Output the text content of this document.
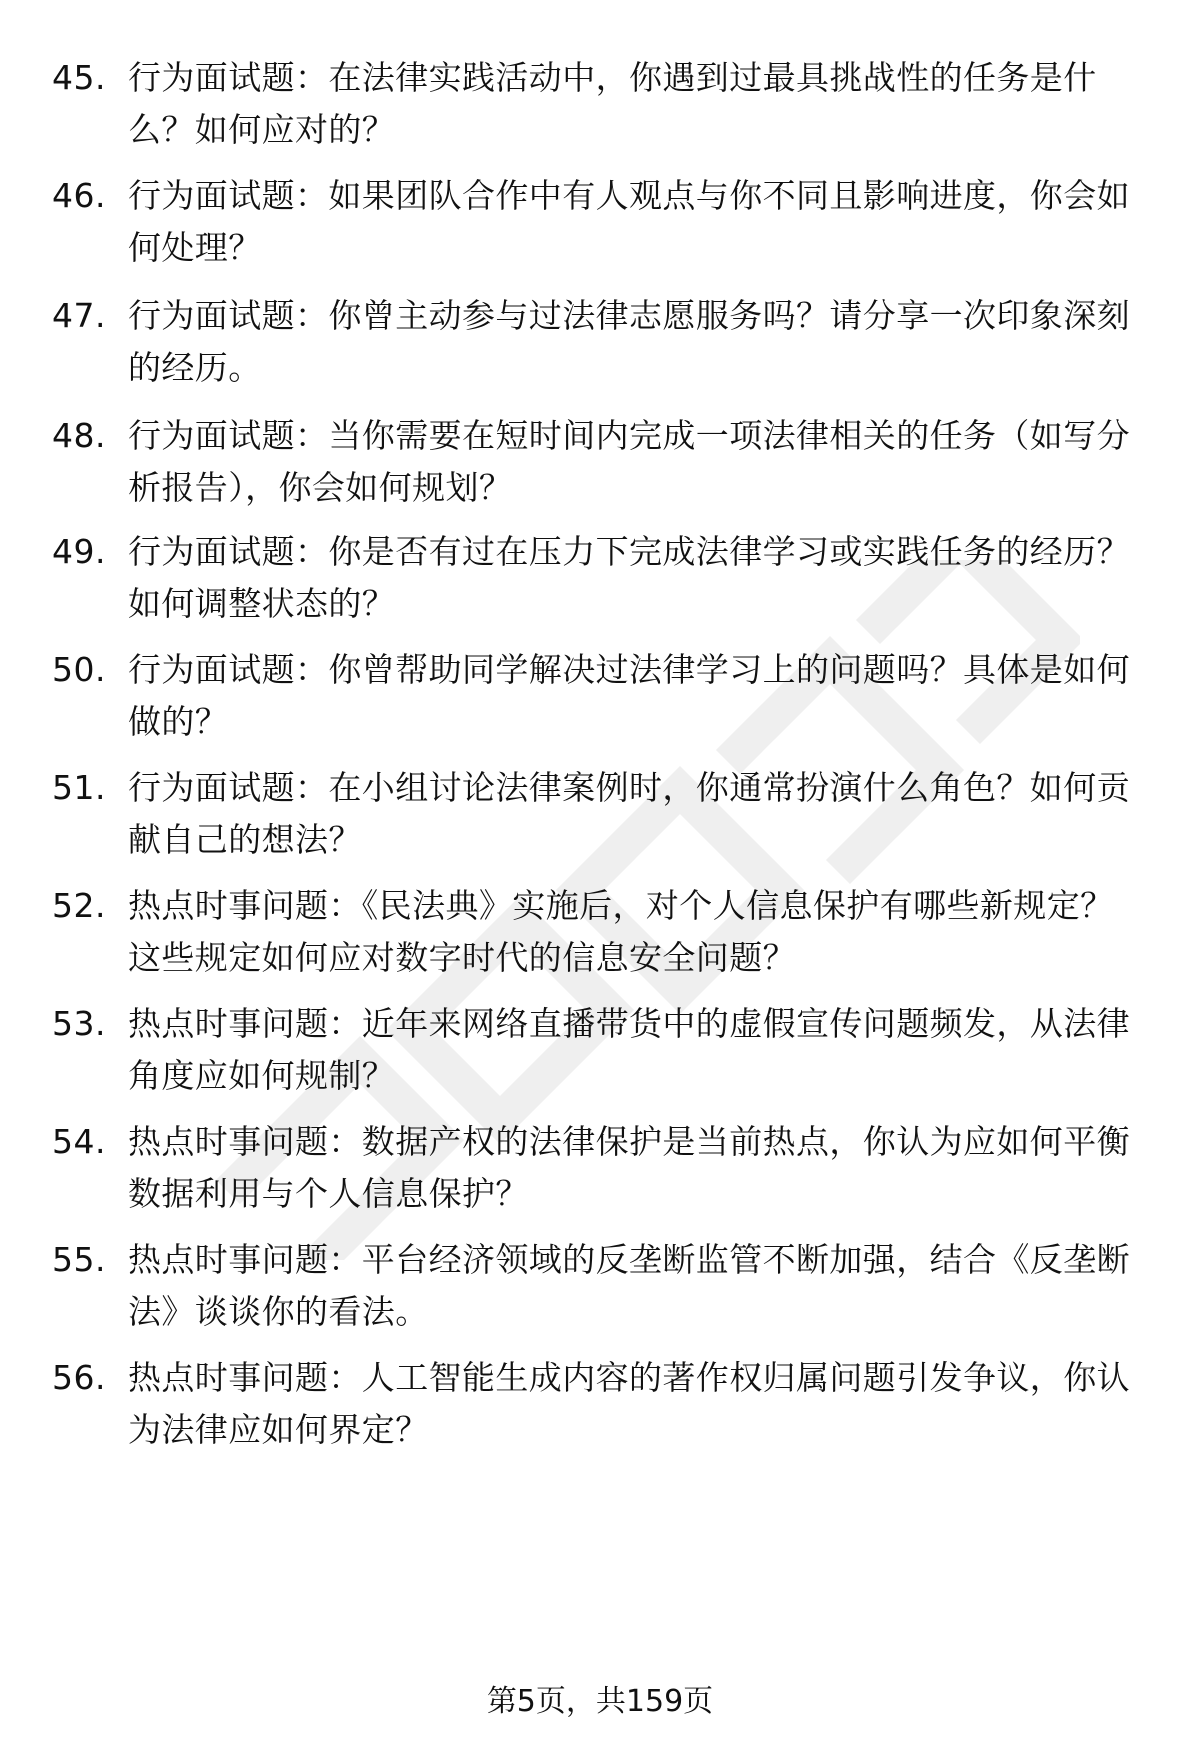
45. 行为面试题：在法律实践活动中，你遇到过最具挑战性的任务是什么？如何应对的？
46. 行为面试题：如果团队合作中有人观点与你不同且影响进度，你会如何处理？
47. 行为面试题：你曾主动参与过法律志愿服务吗？请分享一次印象深刻的经历。
48. 行为面试题：当你需要在短时间内完成一项法律相关的任务（如写分析报告），你会如何规划？
49. 行为面试题：你是否有过在压力下完成法律学习或实践任务的经历？如何调整状态的？
50. 行为面试题：你曾帮助同学解决过法律学习上的问题吗？具体是如何做的？
51. 行为面试题：在小组讨论法律案例时，你通常扮演什么角色？如何贡献自己的想法？
52. 热点时事问题：《民法典》实施后，对个人信息保护有哪些新规定？这些规定如何应对数字时代的信息安全问题？
53. 热点时事问题：近年来网络直播带货中的虚假宣传问题频发，从法律角度应如何规制？
54. 热点时事问题：数据产权的法律保护是当前热点，你认为应如何平衡数据利用与个人信息保护？
55. 热点时事问题：平台经济领域的反垄断监管不断加强，结合《反垄断法》谈谈你的看法。
56. 热点时事问题：人工智能生成内容的著作权归属问题引发争议，你认为法律应如何界定？
第5页，共159页
